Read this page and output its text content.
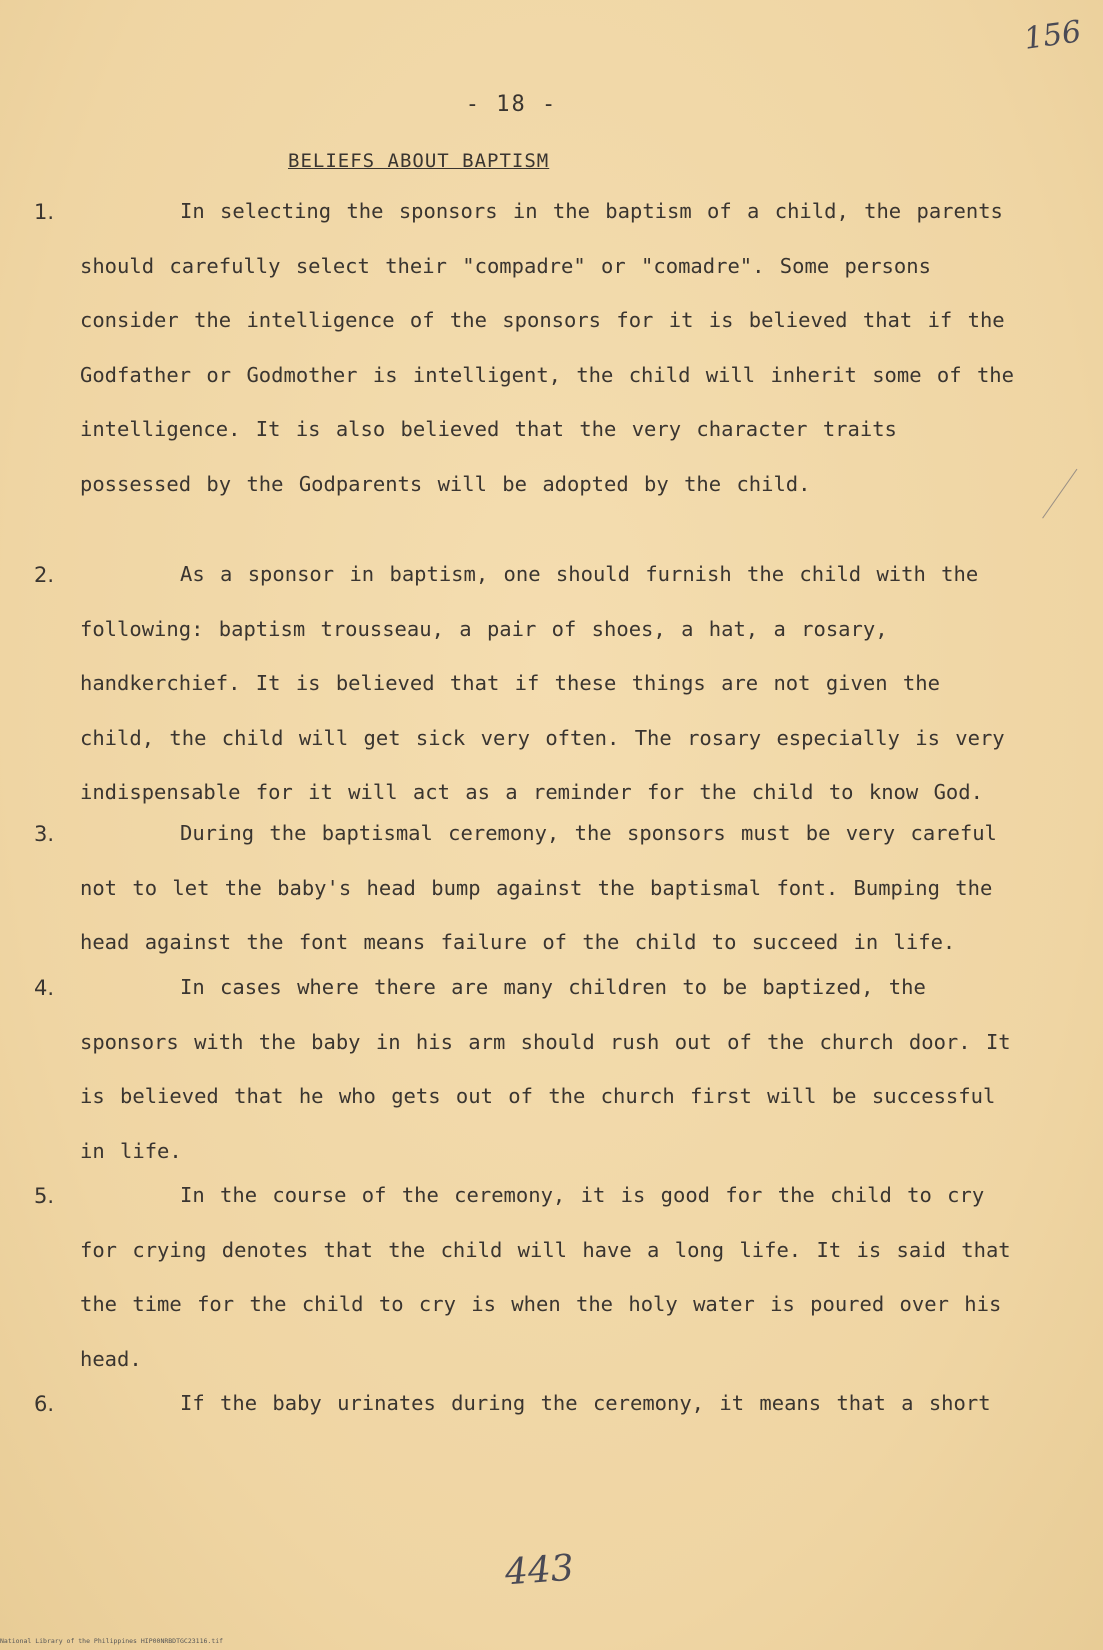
156
- 18 -
BELIEFS ABOUT BAPTISM
1.	In selecting the sponsors in the baptism of a child, the parents should carefully select their "compadre" or "comadre". Some persons consider the intelligence of the sponsors for it is believed that if the Godfather or Godmother is intelligent, the child will inherit some of the intelligence. It is also believed that the very character traits possessed by the Godparents will be adopted by the child.

2.	As a sponsor in baptism, one should furnish the child with the following: baptism trousseau, a pair of shoes, a hat, a rosary, handkerchief. It is believed that if these things are not given the child, the child will get sick very often. The rosary especially is very indispensable for it will act as a reminder for the child to know God.

3.	During the baptismal ceremony, the sponsors must be very careful not to let the baby's head bump against the baptismal font. Bumping the head against the font means failure of the child to succeed in life.

4.	In cases where there are many children to be baptized, the sponsors with the baby in his arm should rush out of the church door. It is believed that he who gets out of the church first will be successful in life.

5.	In the course of the ceremony, it is good for the child to cry for crying denotes that the child will have a long life. It is said that the time for the child to cry is when the holy water is poured over his head.

6.	If the baby urinates during the ceremony, it means that a short

443
National Library of the Philippines HIP00NRBDTGC23116.tif
